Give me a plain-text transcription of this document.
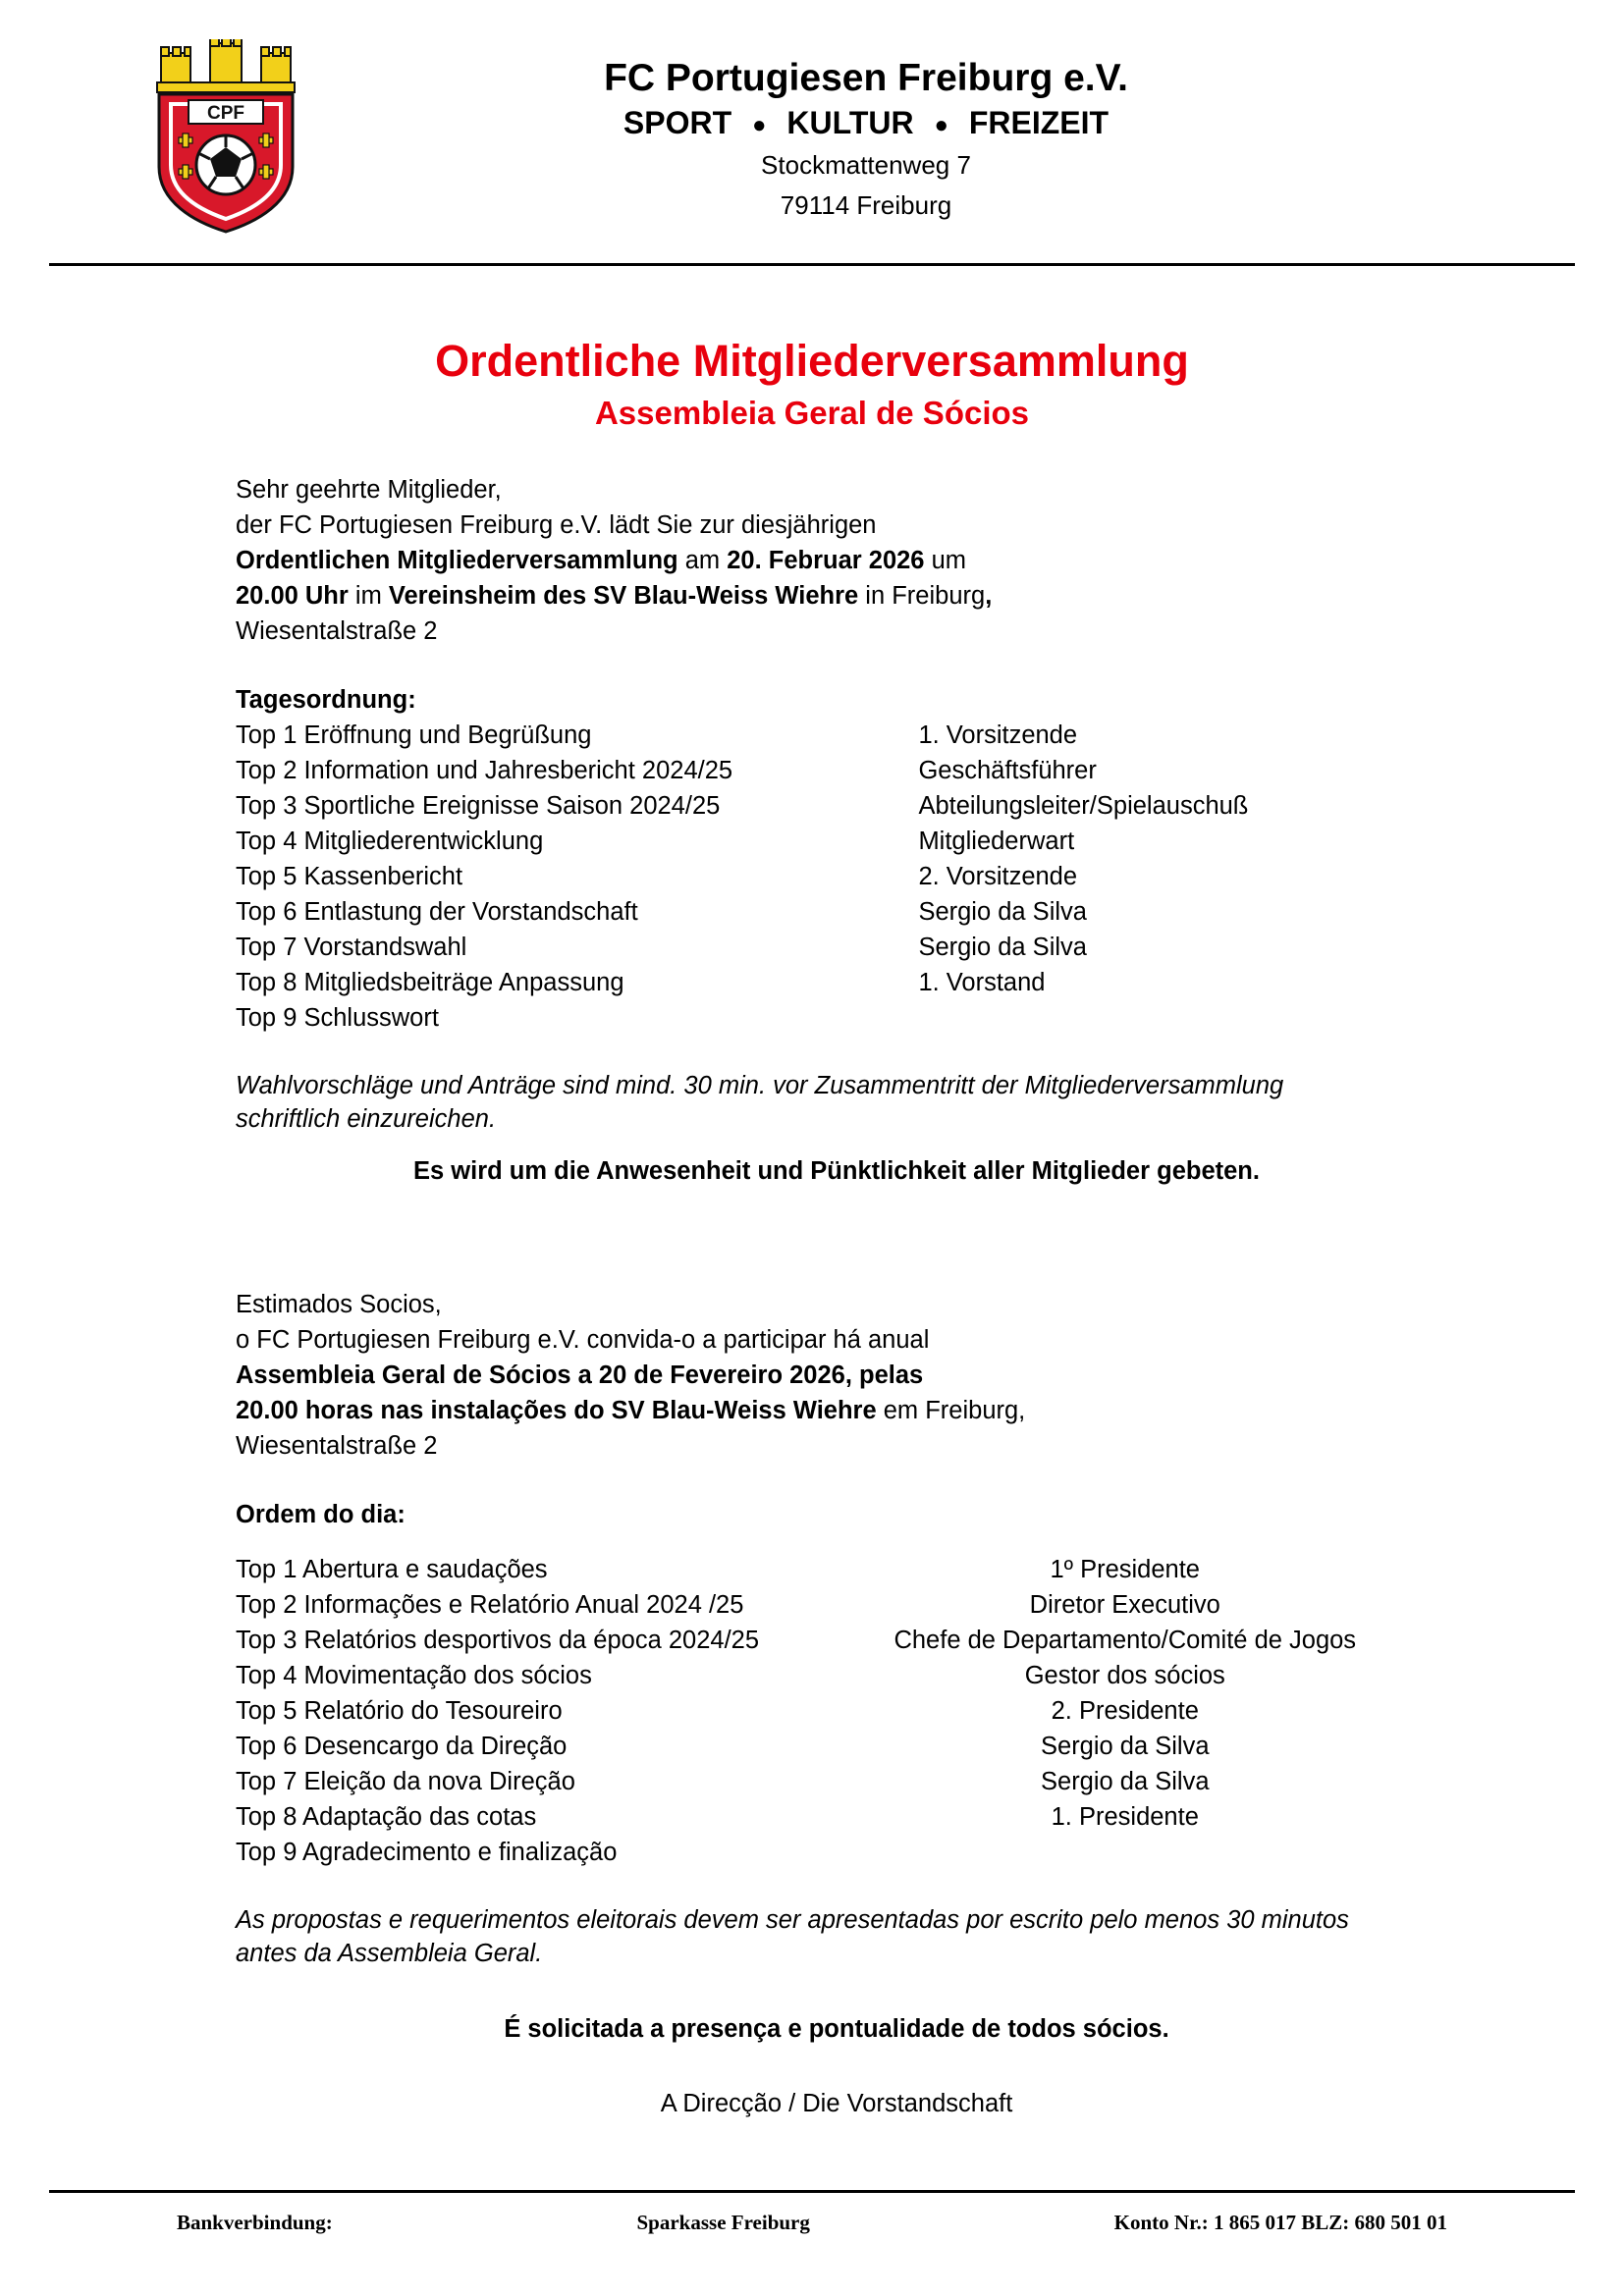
CPF
FC Portugiesen Freiburg e.V.
SPORT ● KULTUR ● FREIZEIT
Stockmattenweg 7
79114 Freiburg
Ordentliche Mitgliederversammlung
Assembleia Geral de Sócios

Sehr geehrte Mitglieder,

der FC Portugiesen Freiburg e.V. lädt Sie zur diesjährigen

Ordentlichen Mitgliederversammlung am 20. Februar 2026 um

20.00 Uhr im Vereinsheim des SV Blau-Weiss Wiehre in Freiburg,

Wiesentalstraße 2

Tagesordnung:
Top 1 Eröffnung und Begrüßung	1. Vorsitzende
Top 2 Information und Jahresbericht 2024/25	Geschäftsführer
Top 3 Sportliche Ereignisse Saison 2024/25	Abteilungsleiter/Spielauschuß
Top 4 Mitgliederentwicklung	Mitgliederwart
Top 5 Kassenbericht	2. Vorsitzende
Top 6 Entlastung der Vorstandschaft	Sergio da Silva
Top 7 Vorstandswahl	Sergio da Silva
Top 8 Mitgliedsbeiträge Anpassung	1. Vorstand
Top 9 Schlusswort	
Wahlvorschläge und Anträge sind mind. 30 min. vor Zusammentritt der Mitgliederversammlung
schriftlich einzureichen.
Es wird um die Anwesenheit und Pünktlichkeit aller Mitglieder gebeten.

Estimados Socios,

o FC Portugiesen Freiburg e.V. convida-o a participar há anual

Assembleia Geral de Sócios a 20 de Fevereiro 2026, pelas

20.00 horas nas instalações do SV Blau-Weiss Wiehre em Freiburg,

Wiesentalstraße 2

Ordem do dia:
Top 1 Abertura e saudações	1º Presidente
Top 2 Informações e Relatório Anual 2024 /25	Diretor Executivo
Top 3 Relatórios desportivos da época 2024/25	Chefe de Departamento/Comité de Jogos
Top 4 Movimentação dos sócios	Gestor dos sócios
Top 5 Relatório do Tesoureiro	2. Presidente
Top 6 Desencargo da Direção	Sergio da Silva
Top 7 Eleição da nova Direção	Sergio da Silva
Top 8 Adaptação das cotas	1. Presidente
Top 9 Agradecimento e finalização	
As propostas e requerimentos eleitorais devem ser apresentadas por escrito pelo menos 30 minutos
antes da Assembleia Geral.
É solicitada a presença e pontualidade de todos sócios.
A Direcção / Die Vorstandschaft
Bankverbindung:	Sparkasse Freiburg	Konto Nr.: 1 865 017 BLZ: 680 501 01
